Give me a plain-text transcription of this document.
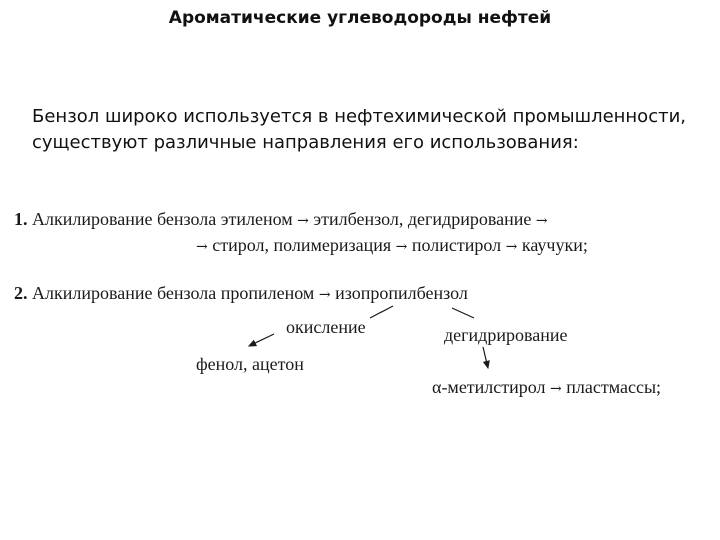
Ароматические углеводороды нефтей
Бензол широко используется в нефтехимической промышленности, существуют различные направления его использования:
1. Алкилирование бензола этиленом → этилбензол, дегидрирование →
→ стирол, полимеризация → полистирол → каучуки;
2. Алкилирование бензола пропиленом → изопропилбензол
окисление
фенол, ацетон
дегидрирование
α-метилстирол → пластмассы;
